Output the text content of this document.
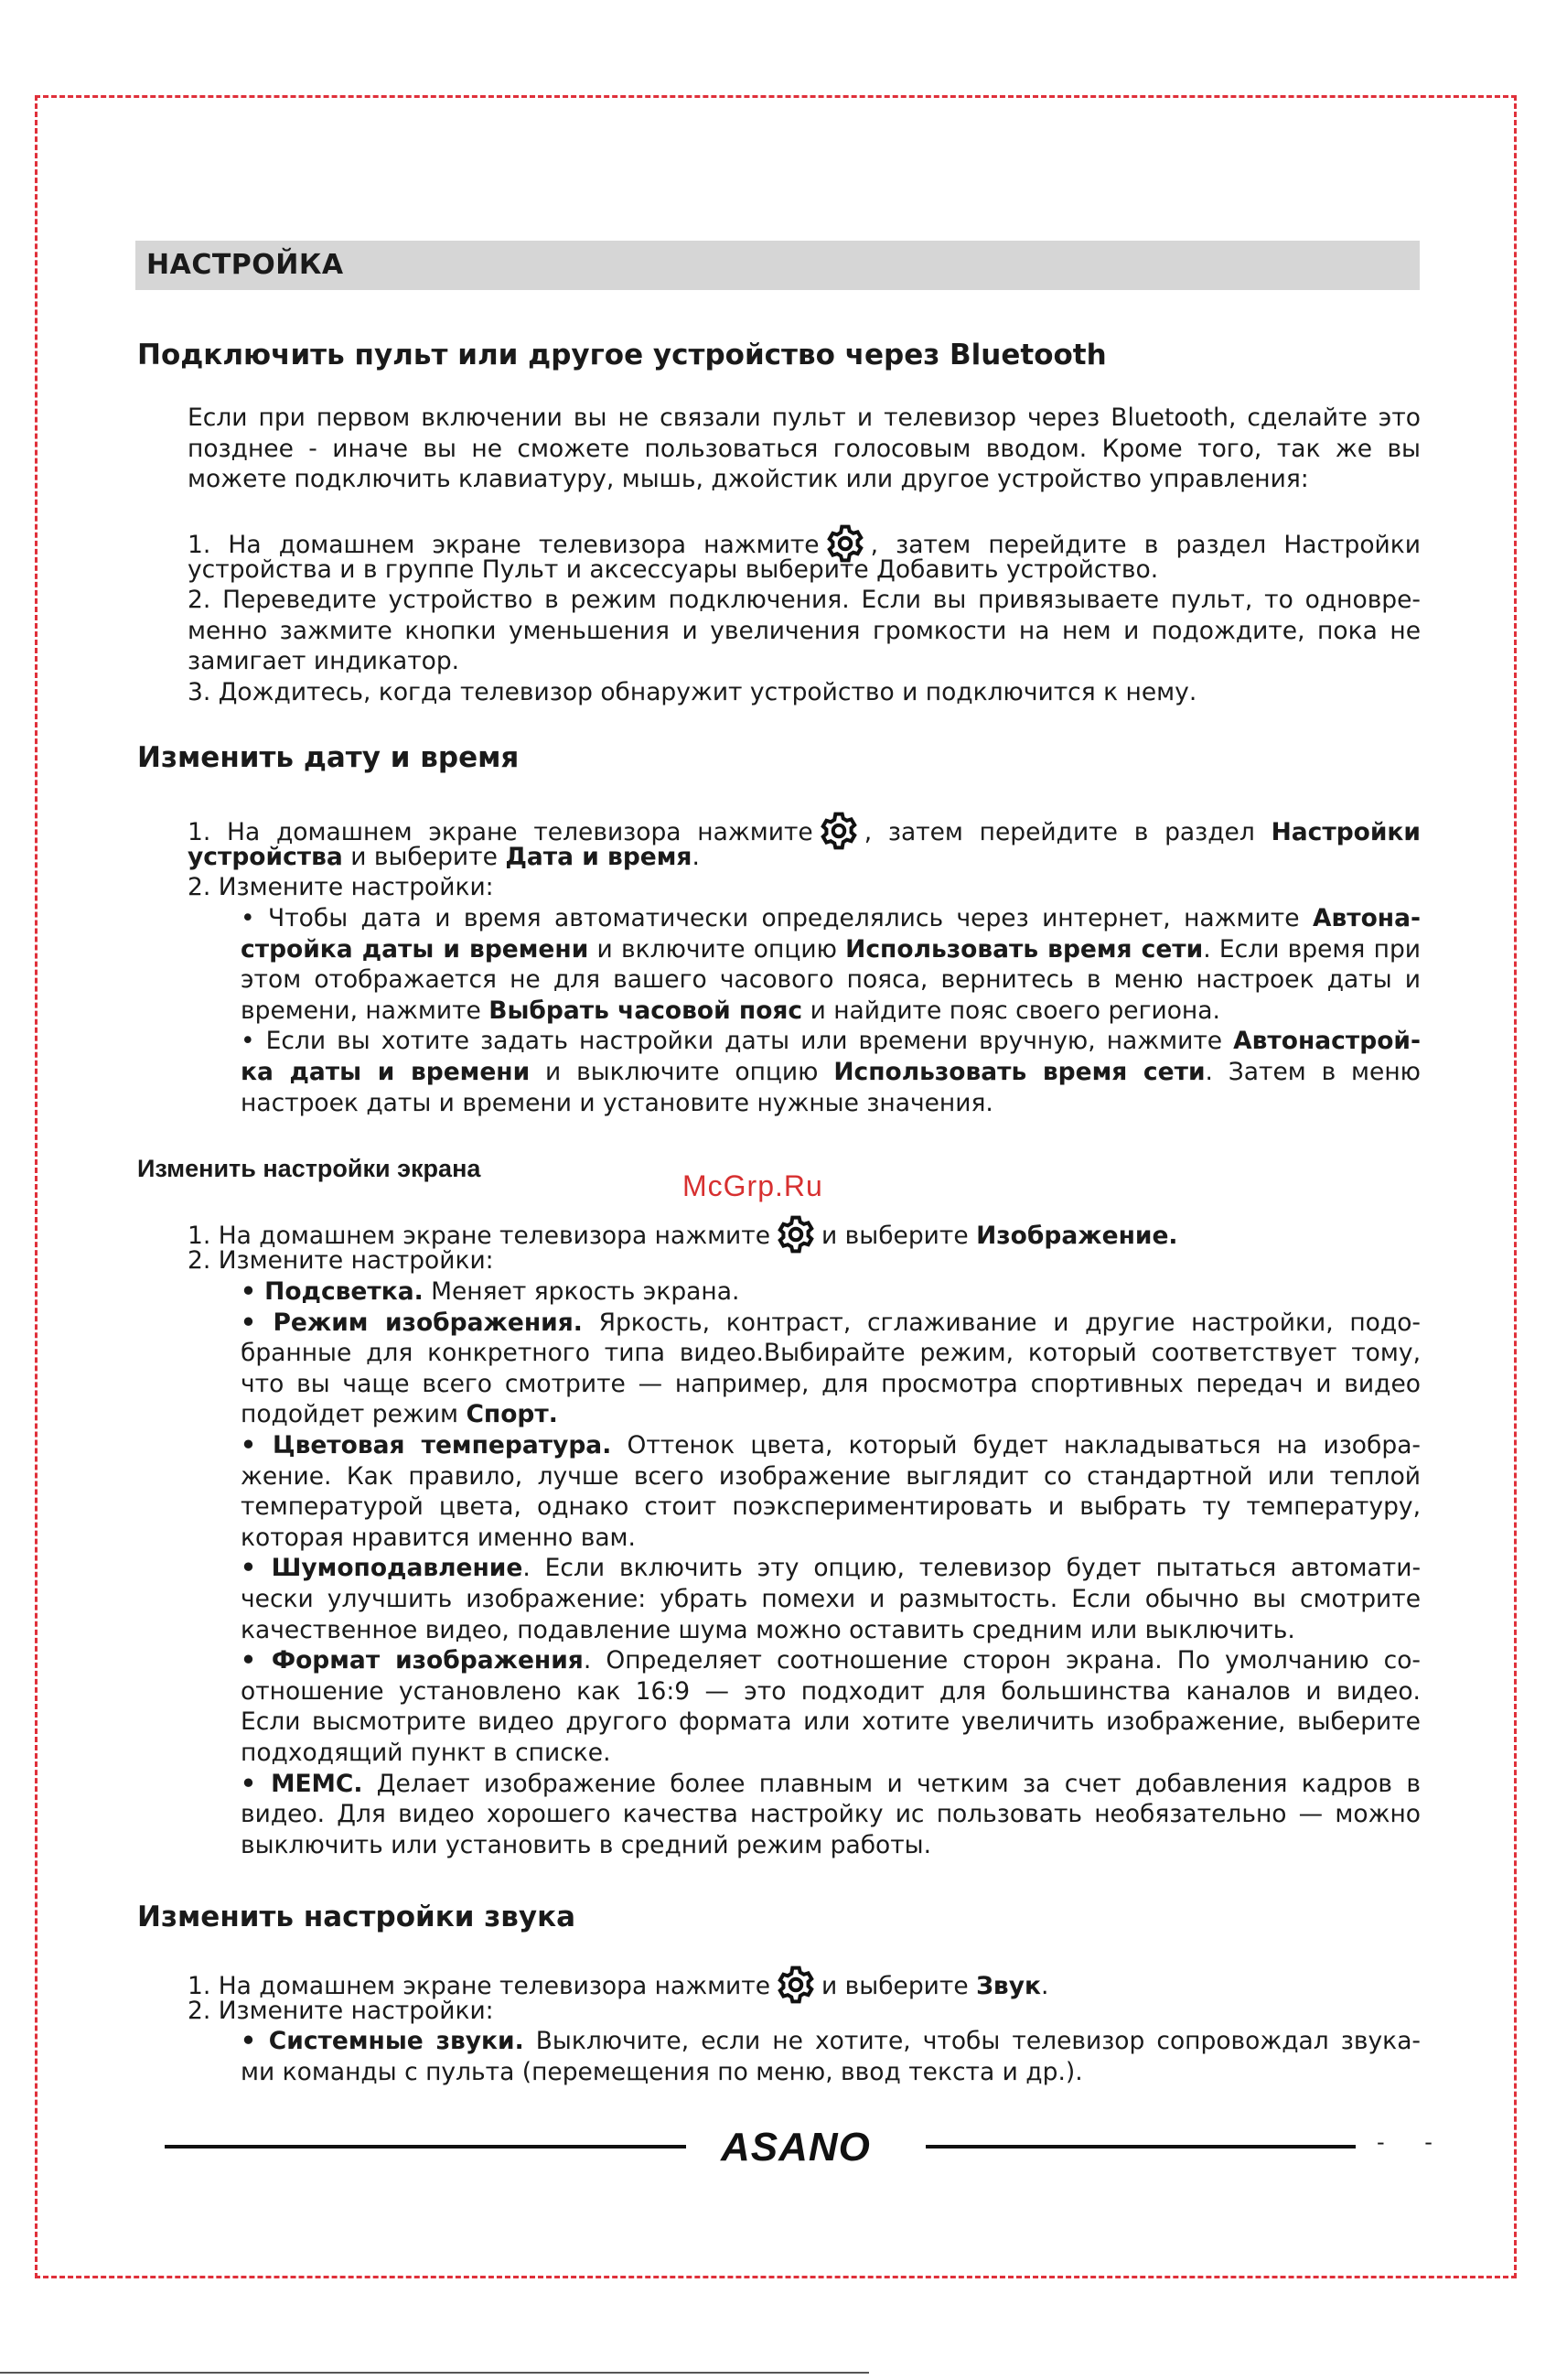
НАСТРОЙКА
Подключить пульт или другое устройство через Bluetooth
Если при первом включении вы не связали пульт и телевизор через Bluetooth, сделайте это
позднее - иначе вы не сможете пользоваться голосовым вводом. Кроме того, так же вы
можете подключить клавиатуру, мышь, джойстик или другое устройство управления:
1. На домашнем экране телевизора нажмите , затем перейдите в раздел Настройки
устройства и в группе Пульт и аксессуары выберите Добавить устройство.
2. Переведите устройство в режим подключения. Если вы привязываете пульт, то одновре-
менно зажмите кнопки уменьшения и увеличения громкости на нем и подождите, пока не
замигает индикатор.
3. Дождитесь, когда телевизор обнаружит устройство и подключится к нему.
Изменить дату и время
1. На домашнем экране телевизора нажмите , затем перейдите в раздел Настройки
устройства и выберите Дата и время.
2. Измените настройки:
• Чтобы дата и время автоматически определялись через интернет, нажмите Автона-
стройка даты и времени и включите опцию Использовать время сети. Если время при
этом отображается не для вашего часового пояса, вернитесь в меню настроек даты и
времени, нажмите Выбрать часовой пояс и найдите пояс своего региона.
• Если вы хотите задать настройки даты или времени вручную, нажмите Автонастрой-
ка даты и времени и выключите опцию Использовать время сети. Затем в меню
настроек даты и времени и установите нужные значения.
Изменить настройки экрана
McGrp.Ru
1. На домашнем экране телевизора нажмите и выберите Изображение.
2. Измените настройки:
• Подсветка. Меняет яркость экрана.
• Режим изображения. Яркость, контраст, сглаживание и другие настройки, подо-
бранные для конкретного типа видео.Выбирайте режим, который соответствует тому,
что вы чаще всего смотрите — например, для просмотра спортивных передач и видео
подойдет режим Спорт.
• Цветовая температура. Оттенок цвета, который будет накладываться на изобра-
жение. Как правило, лучше всего изображение выглядит со стандартной или теплой
температурой цвета, однако стоит поэкспериментировать и выбрать ту температуру,
которая нравится именно вам.
• Шумоподавление. Если включить эту опцию, телевизор будет пытаться автомати-
чески улучшить изображение: убрать помехи и размытость. Если обычно вы смотрите
качественное видео, подавление шума можно оставить средним или выключить.
• Формат изображения. Определяет соотношение сторон экрана. По умолчанию со-
отношение установлено как 16:9 — это подходит для большинства каналов и видео.
Если высмотрите видео другого формата или хотите увеличить изображение, выберите
подходящий пункт в списке.
• MEMC. Делает изображение более плавным и четким за счет добавления кадров в
видео. Для видео хорошего качества настройку ис пользовать необязательно — можно
выключить или установить в средний режим работы.
Изменить настройки звука
1. На домашнем экране телевизора нажмите и выберите Звук.
2. Измените настройки:
• Системные звуки. Выключите, если не хотите, чтобы телевизор сопровождал звука-
ми команды с пульта (перемещения по меню, ввод текста и др.).
ASANO	- -
